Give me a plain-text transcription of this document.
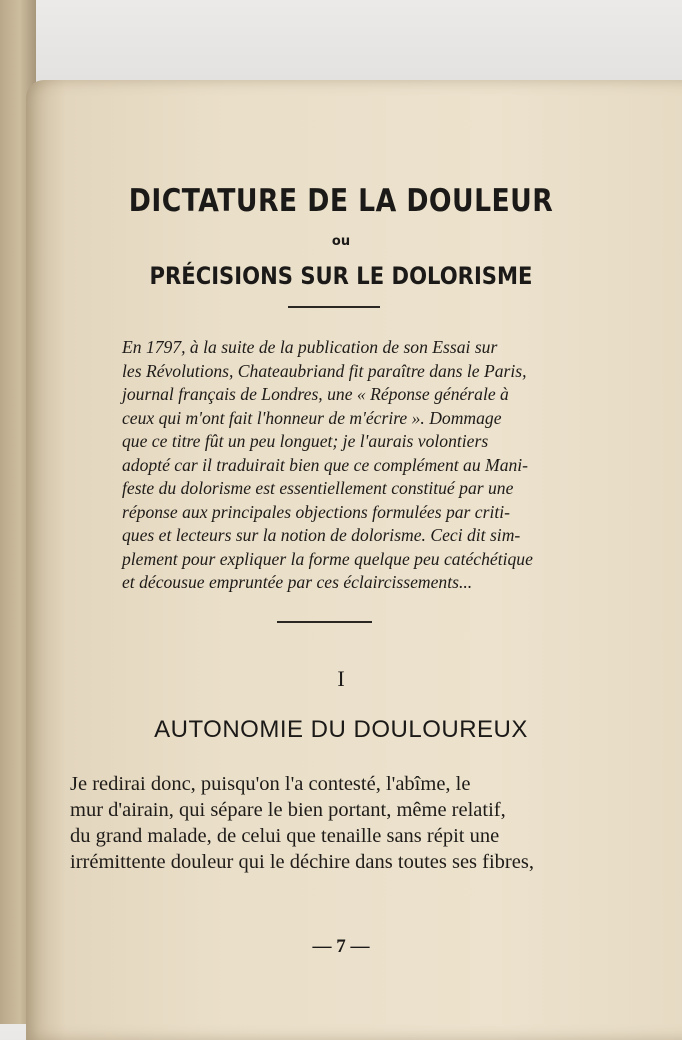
DICTATURE DE LA DOULEUR
ou
PRÉCISIONS SUR LE DOLORISME
En 1797, à la suite de la publication de son Essai sur
les Révolutions, Chateaubriand fit paraître dans le Paris,
journal français de Londres, une « Réponse générale à
ceux qui m'ont fait l'honneur de m'écrire ». Dommage
que ce titre fût un peu longuet; je l'aurais volontiers
adopté car il traduirait bien que ce complément au Mani-
feste du dolorisme est essentiellement constitué par une
réponse aux principales objections formulées par criti-
ques et lecteurs sur la notion de dolorisme. Ceci dit sim-
plement pour expliquer la forme quelque peu catéchétique
et décousue empruntée par ces éclaircissements...
I
AUTONOMIE DU DOULOUREUX
Je redirai donc, puisqu'on l'a contesté, l'abîme, le
mur d'airain, qui sépare le bien portant, même relatif,
du grand malade, de celui que tenaille sans répit une
irrémittente douleur qui le déchire dans toutes ses fibres,
— 7 —
